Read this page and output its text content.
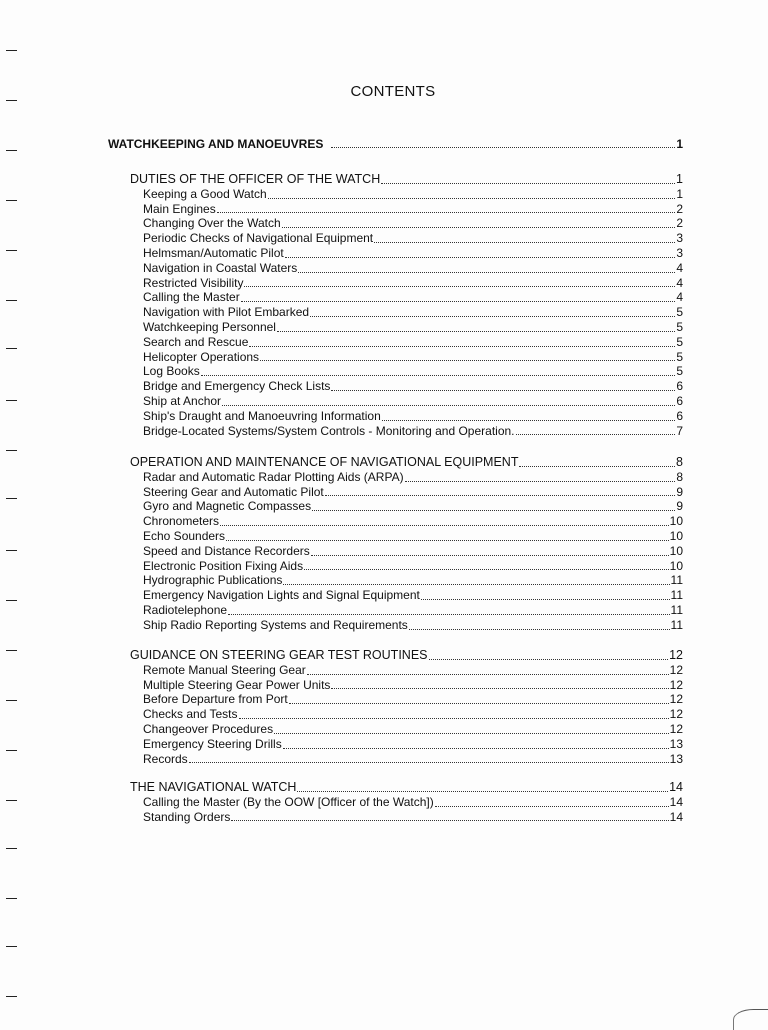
CONTENTS
WATCHKEEPING AND MANOEUVRES	1
DUTIES OF THE OFFICER OF THE WATCH	1
Keeping a Good Watch	1
Main Engines	2
Changing Over the Watch	2
Periodic Checks of Navigational Equipment	3
Helmsman/Automatic Pilot	3
Navigation in Coastal Waters	4
Restricted Visibility	4
Calling the Master	4
Navigation with Pilot Embarked	5
Watchkeeping Personnel	5
Search and Rescue	5
Helicopter Operations	5
Log Books	5
Bridge and Emergency Check Lists	6
Ship at Anchor	6
Ship's Draught and Manoeuvring Information	6
Bridge-Located Systems/System Controls - Monitoring and Operation.	7
OPERATION AND MAINTENANCE OF NAVIGATIONAL EQUIPMENT	8
Radar and Automatic Radar Plotting Aids (ARPA)	8
Steering Gear and Automatic Pilot	9
Gyro and Magnetic Compasses	9
Chronometers	10
Echo Sounders	10
Speed and Distance Recorders	10
Electronic Position Fixing Aids	10
Hydrographic Publications	11
Emergency Navigation Lights and Signal Equipment	11
Radiotelephone	11
Ship Radio Reporting Systems and Requirements	11
GUIDANCE ON STEERING GEAR TEST ROUTINES	12
Remote Manual Steering Gear	12
Multiple Steering Gear Power Units	12
Before Departure from Port	12
Checks and Tests	12
Changeover Procedures	12
Emergency Steering Drills	13
Records	13
THE NAVIGATIONAL WATCH	14
Calling the Master (By the OOW [Officer of the Watch])	14
Standing Orders	14
